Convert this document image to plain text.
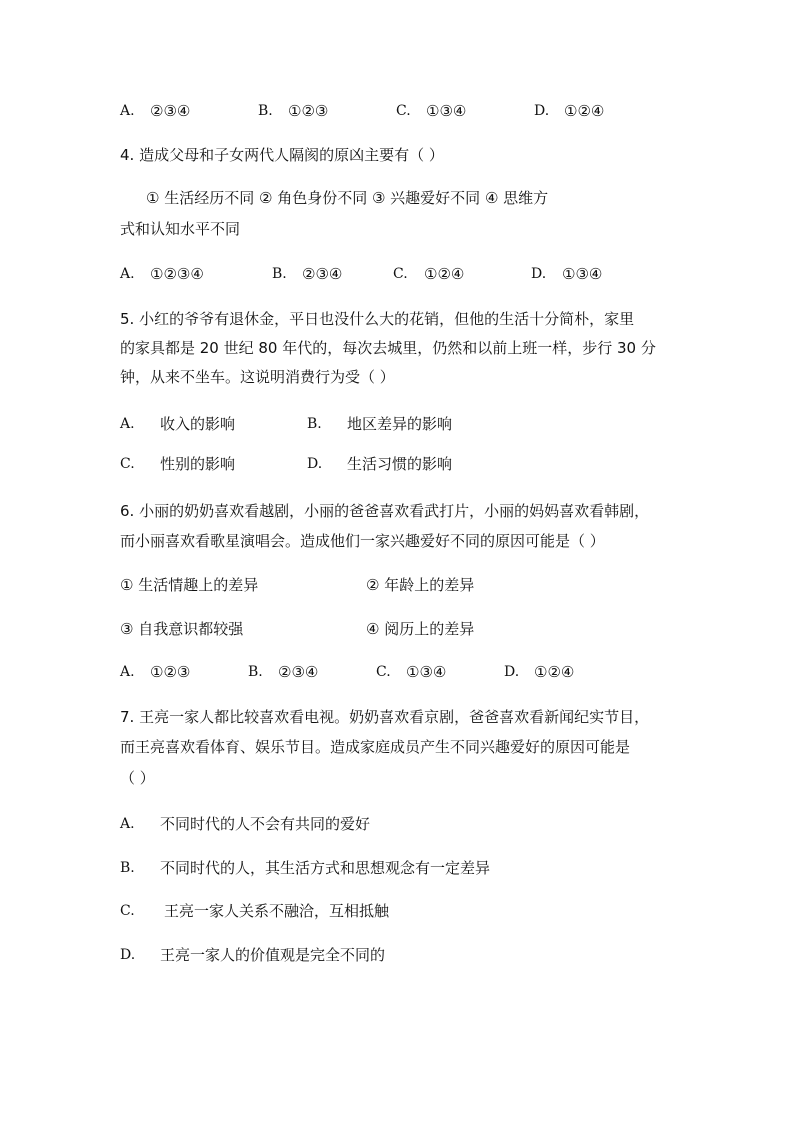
A. ②③④	B. ①②③	C. ①③④	D. ①②④
4. 造成父母和子女两代人隔阂的原凶主要有（ ）
① 生活经历不同 ② 角色身份不同 ③ 兴趣爱好不同 ④ 思维方
式和认知水平不同
A. ①②③④	B. ②③④	C. ①②④	D. ①③④
5. 小红的爷爷有退休金，平日也没什么大的花销，但他的生活十分简朴，家里
的家具都是 20 世纪 80 年代的，每次去城里，仍然和以前上班一样，步行 30 分
钟，从来不坐车。这说明消费行为受（ ）
A. 收入的影响	B. 地区差异的影响
C. 性别的影响	D. 生活习惯的影响
6. 小丽的奶奶喜欢看越剧，小丽的爸爸喜欢看武打片，小丽的妈妈喜欢看韩剧，
而小丽喜欢看歌星演唱会。造成他们一家兴趣爱好不同的原因可能是（ ）
① 生活情趣上的差异	② 年龄上的差异
③ 自我意识都较强	④ 阅历上的差异
A. ①②③	B. ②③④	C. ①③④	D. ①②④
7. 王亮一家人都比较喜欢看电视。奶奶喜欢看京剧，爸爸喜欢看新闻纪实节目，
而王亮喜欢看体育、娱乐节目。造成家庭成员产生不同兴趣爱好的原因可能是
（ ）
A. 不同时代的人不会有共同的爱好
B. 不同时代的人，其生活方式和思想观念有一定差异
C. 王亮一家人关系不融洽，互相抵触
D. 王亮一家人的价值观是完全不同的
